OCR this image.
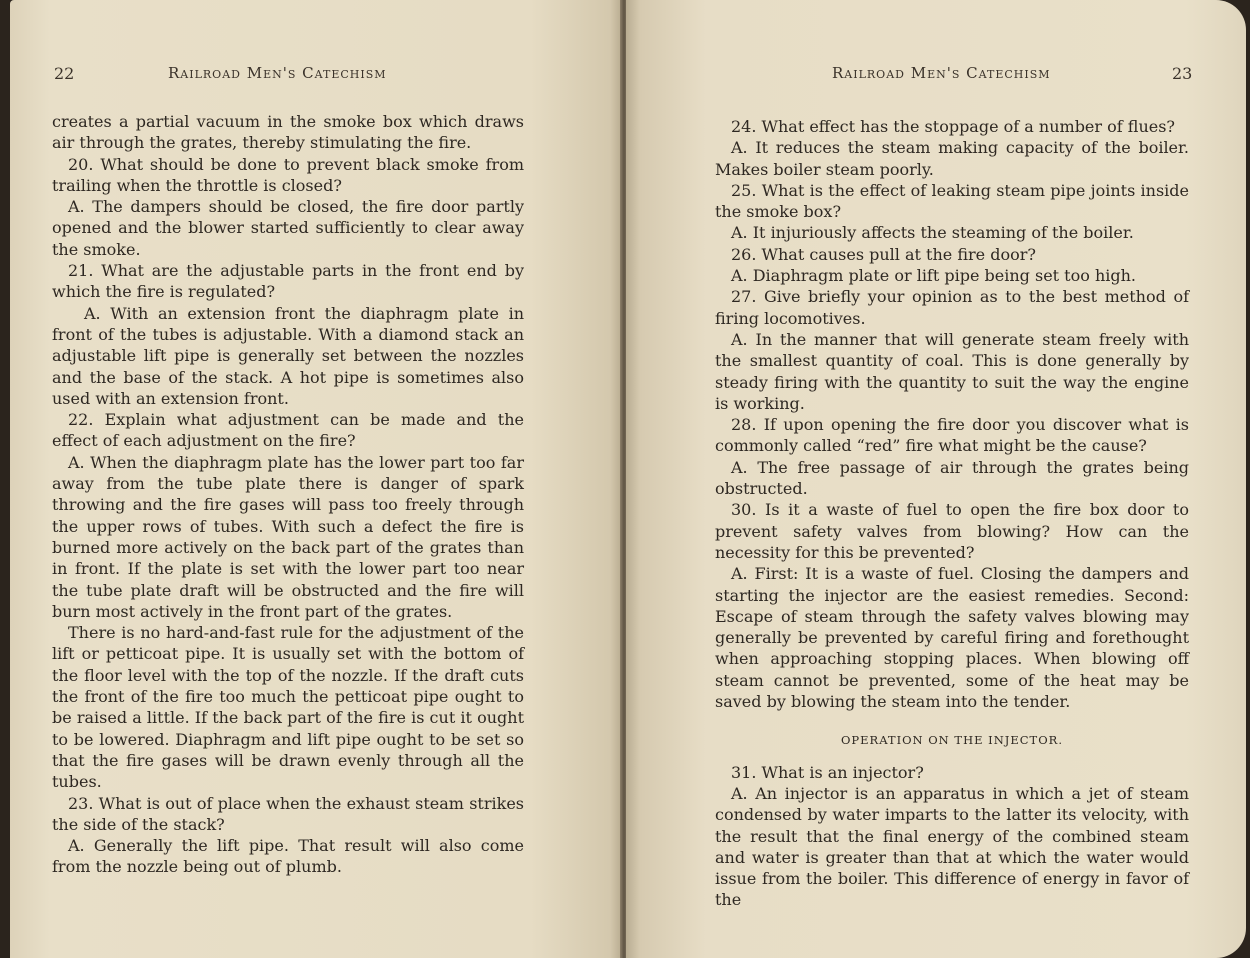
22	Railroad Men's Catechism

creates a partial vacuum in the smoke box which draws air through the grates, thereby stimulating the fire.

20. What should be done to prevent black smoke from trailing when the throttle is closed?

A. The dampers should be closed, the fire door partly opened and the blower started sufficiently to clear away the smoke.

21. What are the adjustable parts in the front end by which the fire is regulated?

A. With an extension front the diaphragm plate in front of the tubes is adjustable. With a diamond stack an adjustable lift pipe is generally set between the nozzles and the base of the stack. A hot pipe is sometimes also used with an extension front.

22. Explain what adjustment can be made and the effect of each adjustment on the fire?

A. When the diaphragm plate has the lower part too far away from the tube plate there is danger of spark throwing and the fire gases will pass too freely through the upper rows of tubes. With such a defect the fire is burned more actively on the back part of the grates than in front. If the plate is set with the lower part too near the tube plate draft will be obstructed and the fire will burn most actively in the front part of the grates.

There is no hard-and-fast rule for the adjustment of the lift or petticoat pipe. It is usually set with the bottom of the floor level with the top of the nozzle. If the draft cuts the front of the fire too much the petticoat pipe ought to be raised a little. If the back part of the fire is cut it ought to be lowered. Diaphragm and lift pipe ought to be set so that the fire gases will be drawn evenly through all the tubes.

23. What is out of place when the exhaust steam strikes the side of the stack?

A. Generally the lift pipe. That result will also come from the nozzle being out of plumb.

Railroad Men's Catechism	23

24. What effect has the stoppage of a number of flues?

A. It reduces the steam making capacity of the boiler. Makes boiler steam poorly.

25. What is the effect of leaking steam pipe joints inside the smoke box?

A. It injuriously affects the steaming of the boiler.

26. What causes pull at the fire door?

A. Diaphragm plate or lift pipe being set too high.

27. Give briefly your opinion as to the best method of firing locomotives.

A. In the manner that will generate steam freely with the smallest quantity of coal. This is done generally by steady firing with the quantity to suit the way the engine is working.

28. If upon opening the fire door you discover what is commonly called “red” fire what might be the cause?

A. The free passage of air through the grates being obstructed.

30. Is it a waste of fuel to open the fire box door to prevent safety valves from blowing? How can the necessity for this be prevented?

A. First: It is a waste of fuel. Closing the dampers and starting the injector are the easiest remedies. Second: Escape of steam through the safety valves blowing may generally be prevented by careful firing and forethought when approaching stopping places. When blowing off steam cannot be prevented, some of the heat may be saved by blowing the steam into the tender.

OPERATION ON THE INJECTOR.

31. What is an injector?

A. An injector is an apparatus in which a jet of steam condensed by water imparts to the latter its velocity, with the result that the final energy of the combined steam and water is greater than that at which the water would issue from the boiler. This difference of energy in favor of the
